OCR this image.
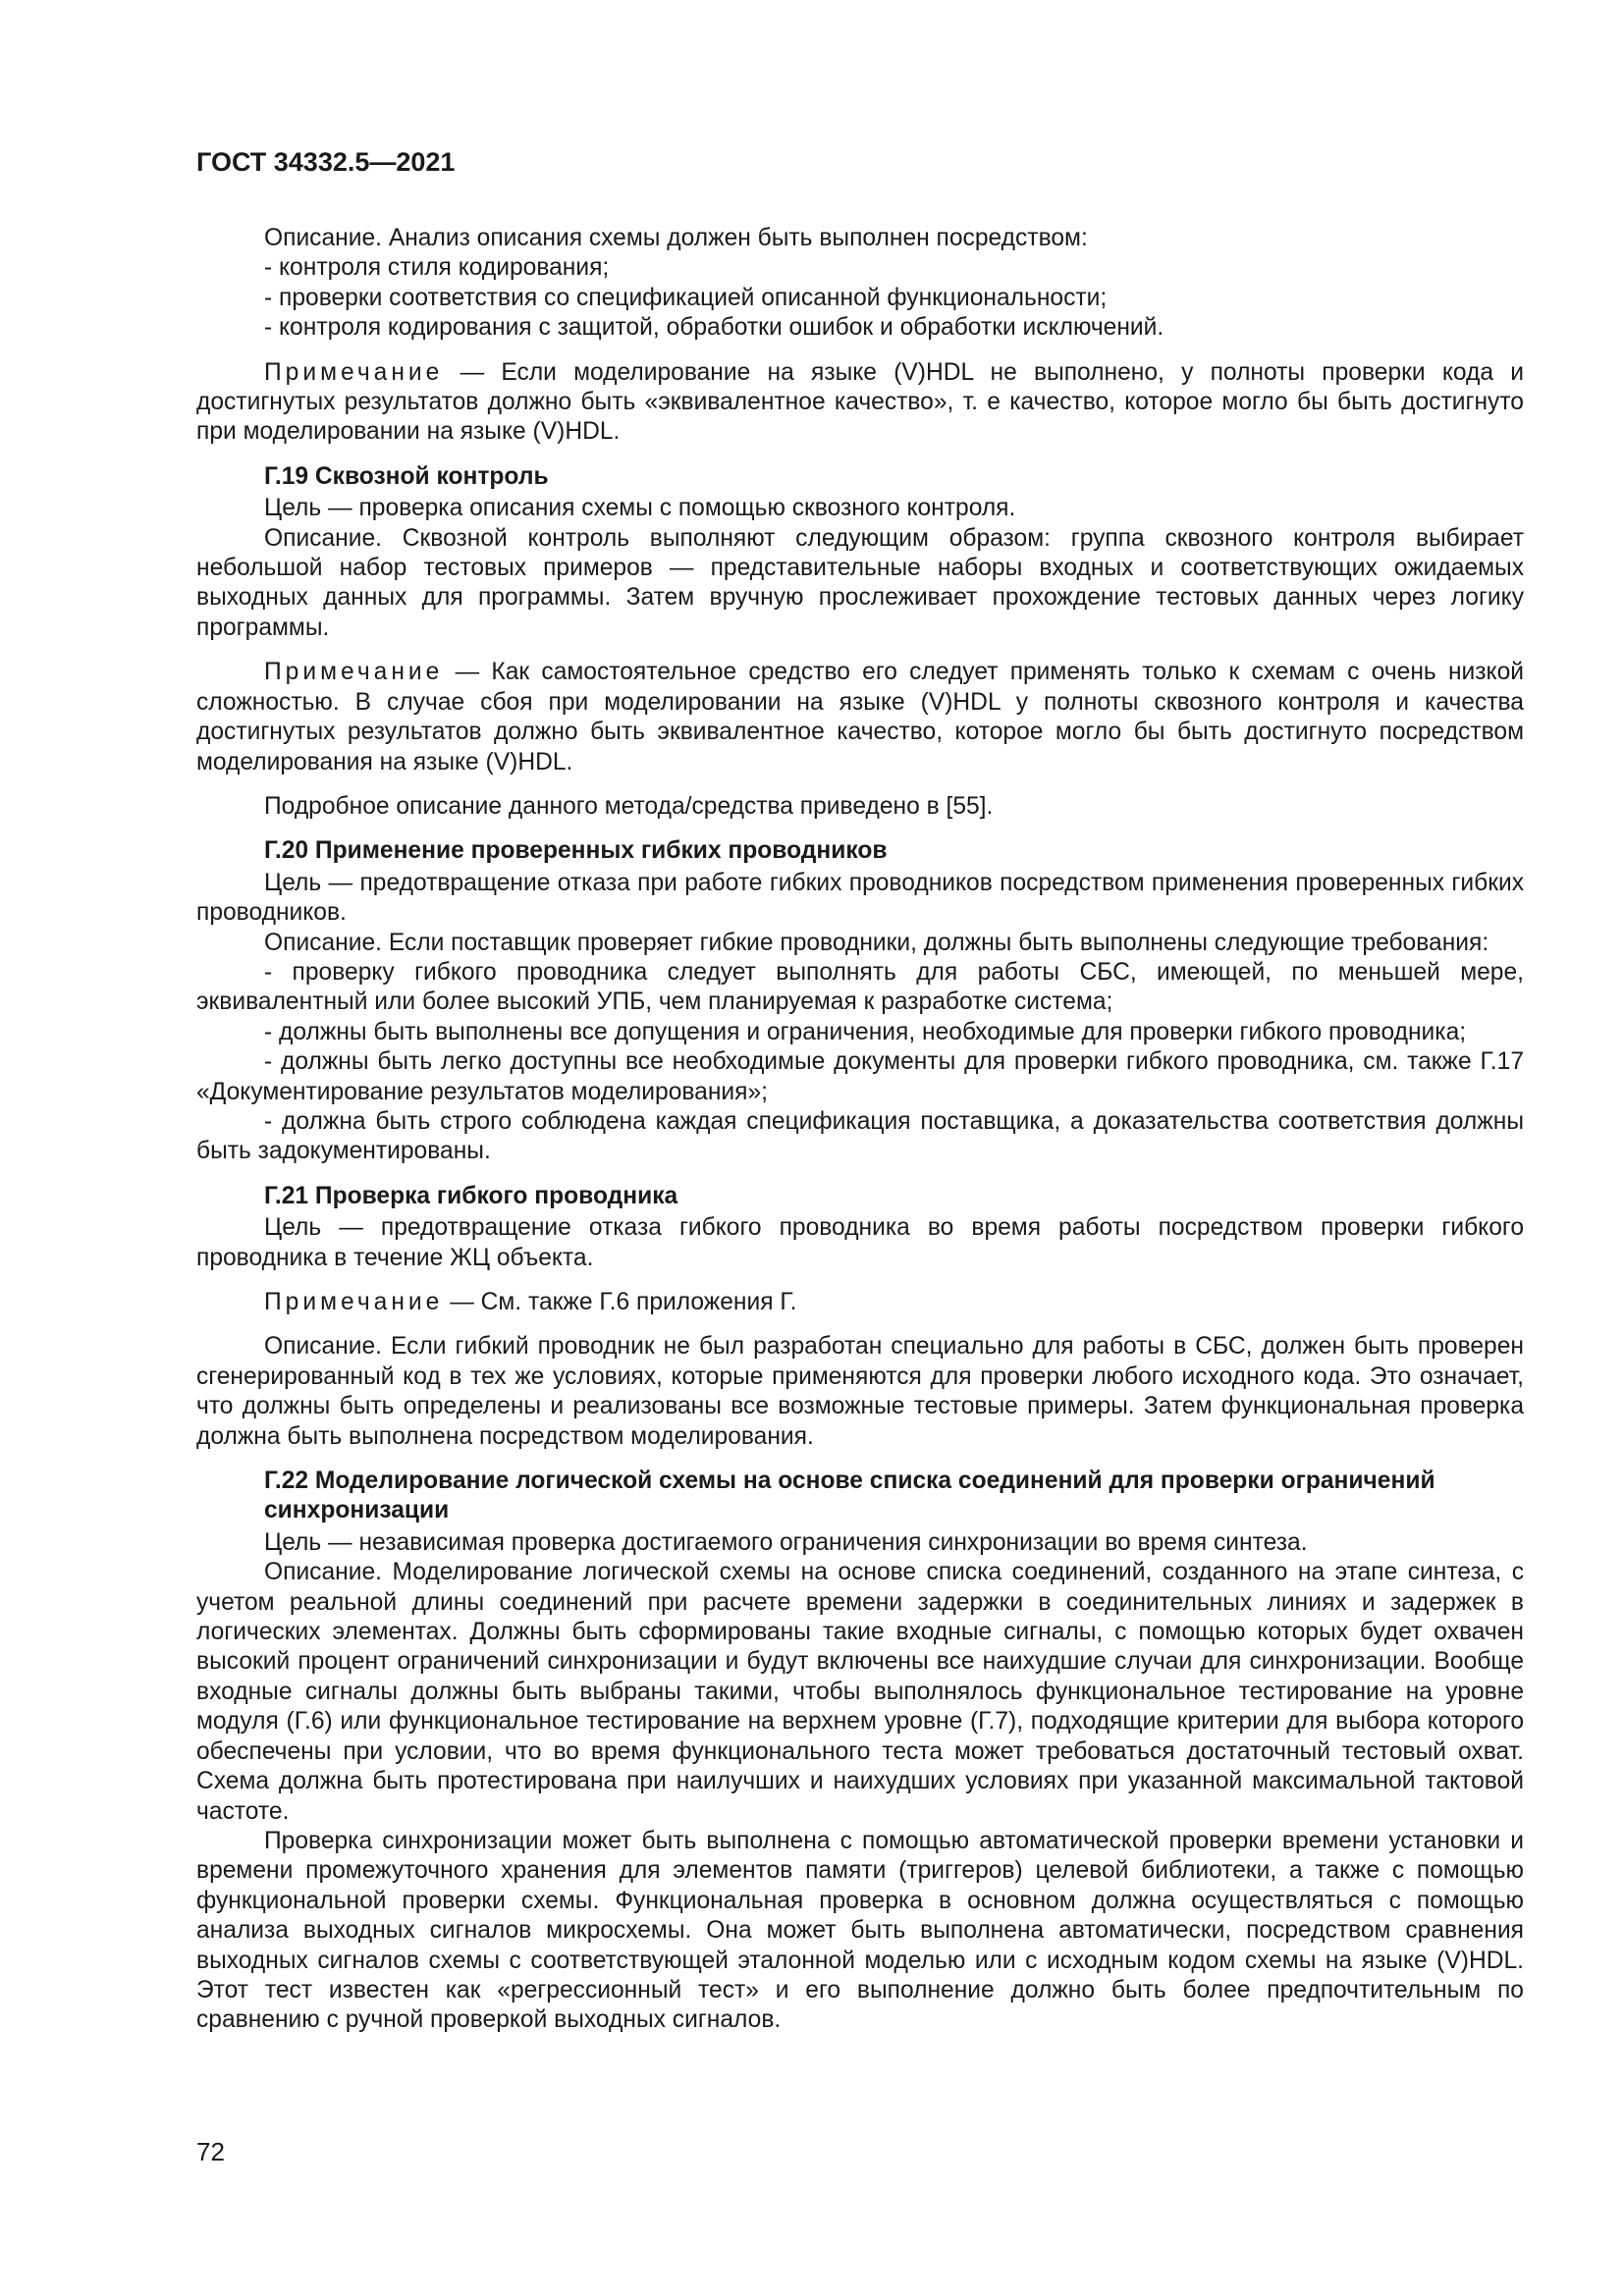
ГОСТ 34332.5—2021

Описание. Анализ описания схемы должен быть выполнен посредством:

- контроля стиля кодирования;

- проверки соответствия со спецификацией описанной функциональности;

- контроля кодирования с защитой, обработки ошибок и обработки исключений.

Примечание — Если моделирование на языке (V)HDL не выполнено, у полноты проверки кода и достигнутых результатов должно быть «эквивалентное качество», т. е качество, которое могло бы быть достигнуто при моделировании на языке (V)HDL.

Г.19 Сквозной контроль

Цель — проверка описания схемы с помощью сквозного контроля.

Описание. Сквозной контроль выполняют следующим образом: группа сквозного контроля выбирает небольшой набор тестовых примеров — представительные наборы входных и соответствующих ожидаемых выходных данных для программы. Затем вручную прослеживает прохождение тестовых данных через логику программы.

Примечание — Как самостоятельное средство его следует применять только к схемам с очень низкой сложностью. В случае сбоя при моделировании на языке (V)HDL у полноты сквозного контроля и качества достигнутых результатов должно быть эквивалентное качество, которое могло бы быть достигнуто посредством моделирования на языке (V)HDL.

Подробное описание данного метода/средства приведено в [55].

Г.20 Применение проверенных гибких проводников

Цель — предотвращение отказа при работе гибких проводников посредством применения проверенных гибких проводников.

Описание. Если поставщик проверяет гибкие проводники, должны быть выполнены следующие требования:

- проверку гибкого проводника следует выполнять для работы СБС, имеющей, по меньшей мере, эквивалентный или более высокий УПБ, чем планируемая к разработке система;

- должны быть выполнены все допущения и ограничения, необходимые для проверки гибкого проводника;

- должны быть легко доступны все необходимые документы для проверки гибкого проводника, см. также Г.17 «Документирование результатов моделирования»;

- должна быть строго соблюдена каждая спецификация поставщика, а доказательства соответствия должны быть задокументированы.

Г.21 Проверка гибкого проводника

Цель — предотвращение отказа гибкого проводника во время работы посредством проверки гибкого проводника в течение ЖЦ объекта.

Примечание — См. также Г.6 приложения Г.

Описание. Если гибкий проводник не был разработан специально для работы в СБС, должен быть проверен сгенерированный код в тех же условиях, которые применяются для проверки любого исходного кода. Это означает, что должны быть определены и реализованы все возможные тестовые примеры. Затем функциональная проверка должна быть выполнена посредством моделирования.

Г.22 Моделирование логической схемы на основе списка соединений для проверки ограничений синхронизации

Цель — независимая проверка достигаемого ограничения синхронизации во время синтеза.

Описание. Моделирование логической схемы на основе списка соединений, созданного на этапе синтеза, с учетом реальной длины соединений при расчете времени задержки в соединительных линиях и задержек в логических элементах. Должны быть сформированы такие входные сигналы, с помощью которых будет охвачен высокий процент ограничений синхронизации и будут включены все наихудшие случаи для синхронизации. Вообще входные сигналы должны быть выбраны такими, чтобы выполнялось функциональное тестирование на уровне модуля (Г.6) или функциональное тестирование на верхнем уровне (Г.7), подходящие критерии для выбора которого обеспечены при условии, что во время функционального теста может требоваться достаточный тестовый охват. Схема должна быть протестирована при наилучших и наихудших условиях при указанной максимальной тактовой частоте.

Проверка синхронизации может быть выполнена с помощью автоматической проверки времени установки и времени промежуточного хранения для элементов памяти (триггеров) целевой библиотеки, а также с помощью функциональной проверки схемы. Функциональная проверка в основном должна осуществляться с помощью анализа выходных сигналов микросхемы. Она может быть выполнена автоматически, посредством сравнения выходных сигналов схемы с соответствующей эталонной моделью или с исходным кодом схемы на языке (V)HDL. Этот тест известен как «регрессионный тест» и его выполнение должно быть более предпочтительным по сравнению с ручной проверкой выходных сигналов.

72
